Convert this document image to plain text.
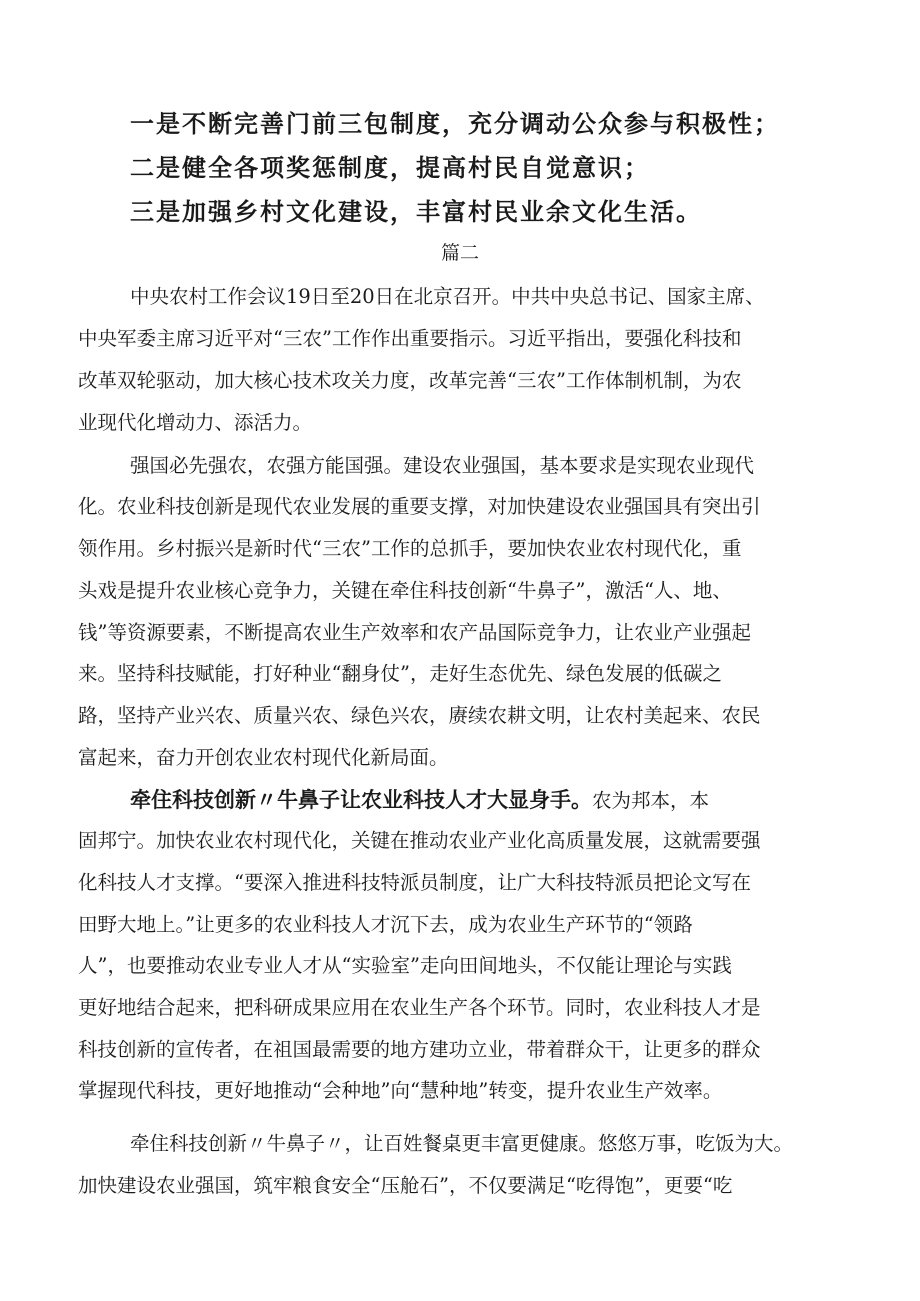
一是不断完善门前三包制度，充分调动公众参与积极性；
二是健全各项奖惩制度，提高村民自觉意识；
三是加强乡村文化建设，丰富村民业余文化生活。
篇二
中央农村工作会议19日至20日在北京召开。中共中央总书记、国家主席、
中央军委主席习近平对“三农”工作作出重要指示。习近平指出，要强化科技和
改革双轮驱动，加大核心技术攻关力度，改革完善“三农”工作体制机制，为农
业现代化增动力、添活力。
强国必先强农，农强方能国强。建设农业强国，基本要求是实现农业现代
化。农业科技创新是现代农业发展的重要支撑，对加快建设农业强国具有突出引
领作用。乡村振兴是新时代“三农”工作的总抓手，要加快农业农村现代化，重
头戏是提升农业核心竞争力，关键在牵住科技创新“牛鼻子”，激活“人、地、
钱”等资源要素，不断提高农业生产效率和农产品国际竞争力，让农业产业强起
来。坚持科技赋能，打好种业“翻身仗”，走好生态优先、绿色发展的低碳之
路，坚持产业兴农、质量兴农、绿色兴农，赓续农耕文明，让农村美起来、农民
富起来，奋力开创农业农村现代化新局面。
牵住科技创新〃牛鼻子让农业科技人才大显身手。农为邦本，本
固邦宁。加快农业农村现代化，关键在推动农业产业化高质量发展，这就需要强
化科技人才支撑。“要深入推进科技特派员制度，让广大科技特派员把论文写在
田野大地上。”让更多的农业科技人才沉下去，成为农业生产环节的“领路
人”，也要推动农业专业人才从“实验室”走向田间地头，不仅能让理论与实践
更好地结合起来，把科研成果应用在农业生产各个环节。同时，农业科技人才是
科技创新的宣传者，在祖国最需要的地方建功立业，带着群众干，让更多的群众
掌握现代科技，更好地推动“会种地”向“慧种地”转变，提升农业生产效率。
牵住科技创新〃牛鼻子〃，让百姓餐桌更丰富更健康。悠悠万事，吃饭为大。
加快建设农业强国，筑牢粮食安全“压舱石”，不仅要满足“吃得饱”，更要“吃
